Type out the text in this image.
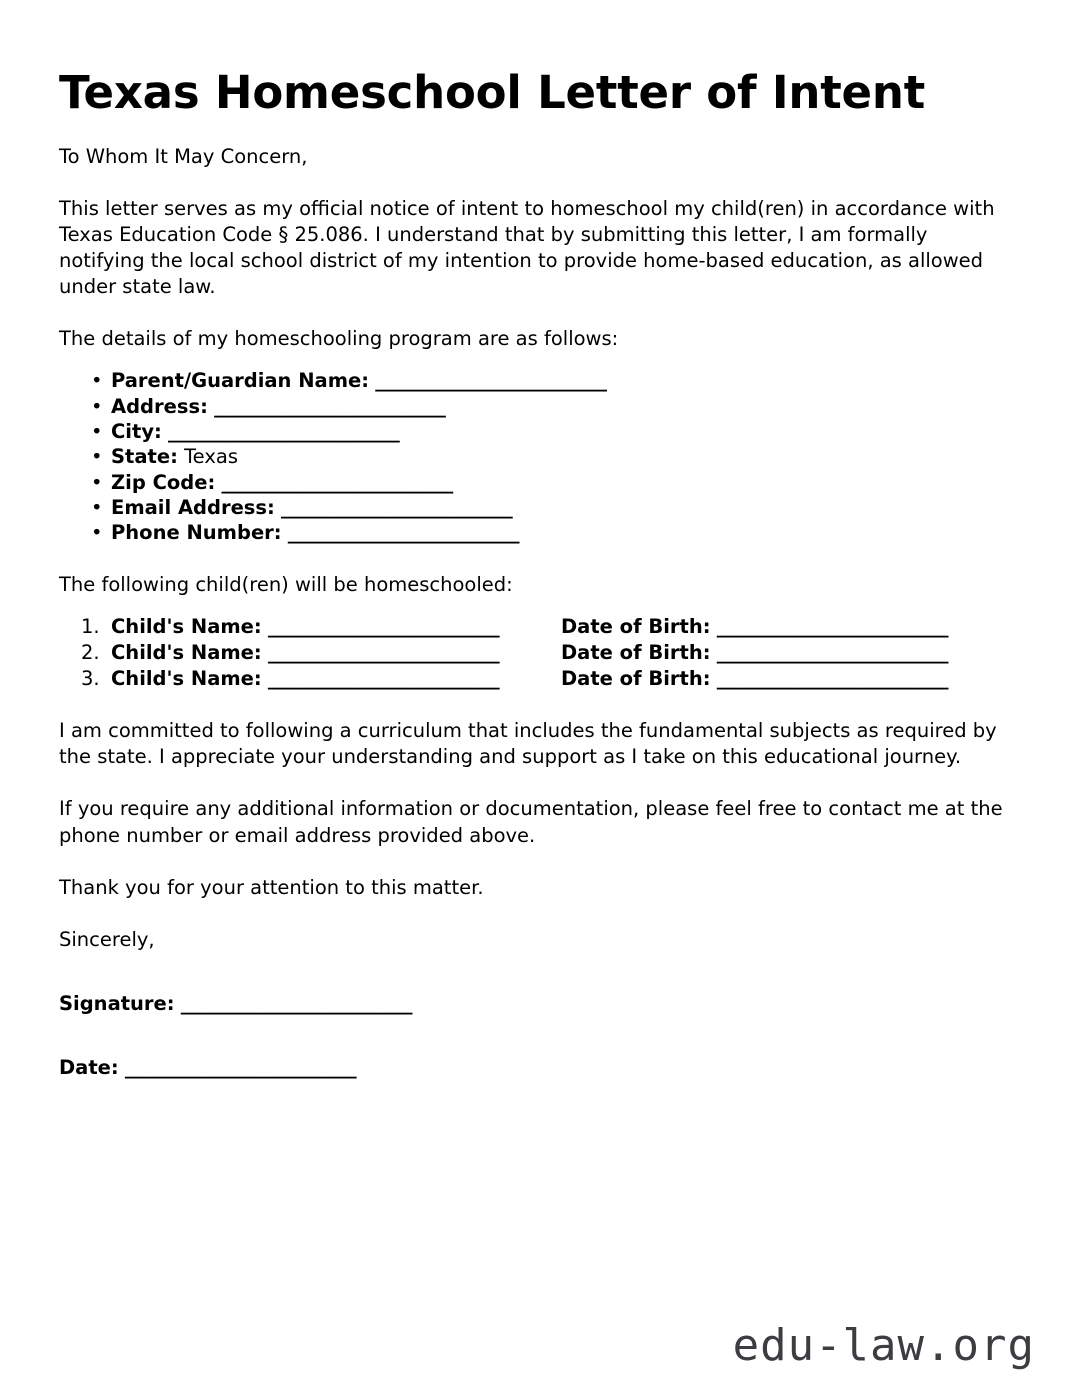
Texas Homeschool Letter of Intent

To Whom It May Concern,

This letter serves as my official notice of intent to homeschool my child(ren) in accordance with Texas Education Code § 25.086. I understand that by submitting this letter, I am formally notifying the local school district of my intention to provide home-based education, as allowed under state law.

The details of my homeschooling program are as follows:

• Parent/Guardian Name: _________________________
• Address: _________________________
• City: _________________________
• State: Texas
• Zip Code: _________________________
• Email Address: _________________________
• Phone Number: _________________________

The following child(ren) will be homeschooled:

Child's Name: _________________________	Date of Birth: _________________________
Child's Name: _________________________	Date of Birth: _________________________
Child's Name: _________________________	Date of Birth: _________________________

I am committed to following a curriculum that includes the fundamental subjects as required by the state. I appreciate your understanding and support as I take on this educational journey.

If you require any additional information or documentation, please feel free to contact me at the phone number or email address provided above.

Thank you for your attention to this matter.

Sincerely,

Signature: _________________________
Date: _________________________
edu-law.org
